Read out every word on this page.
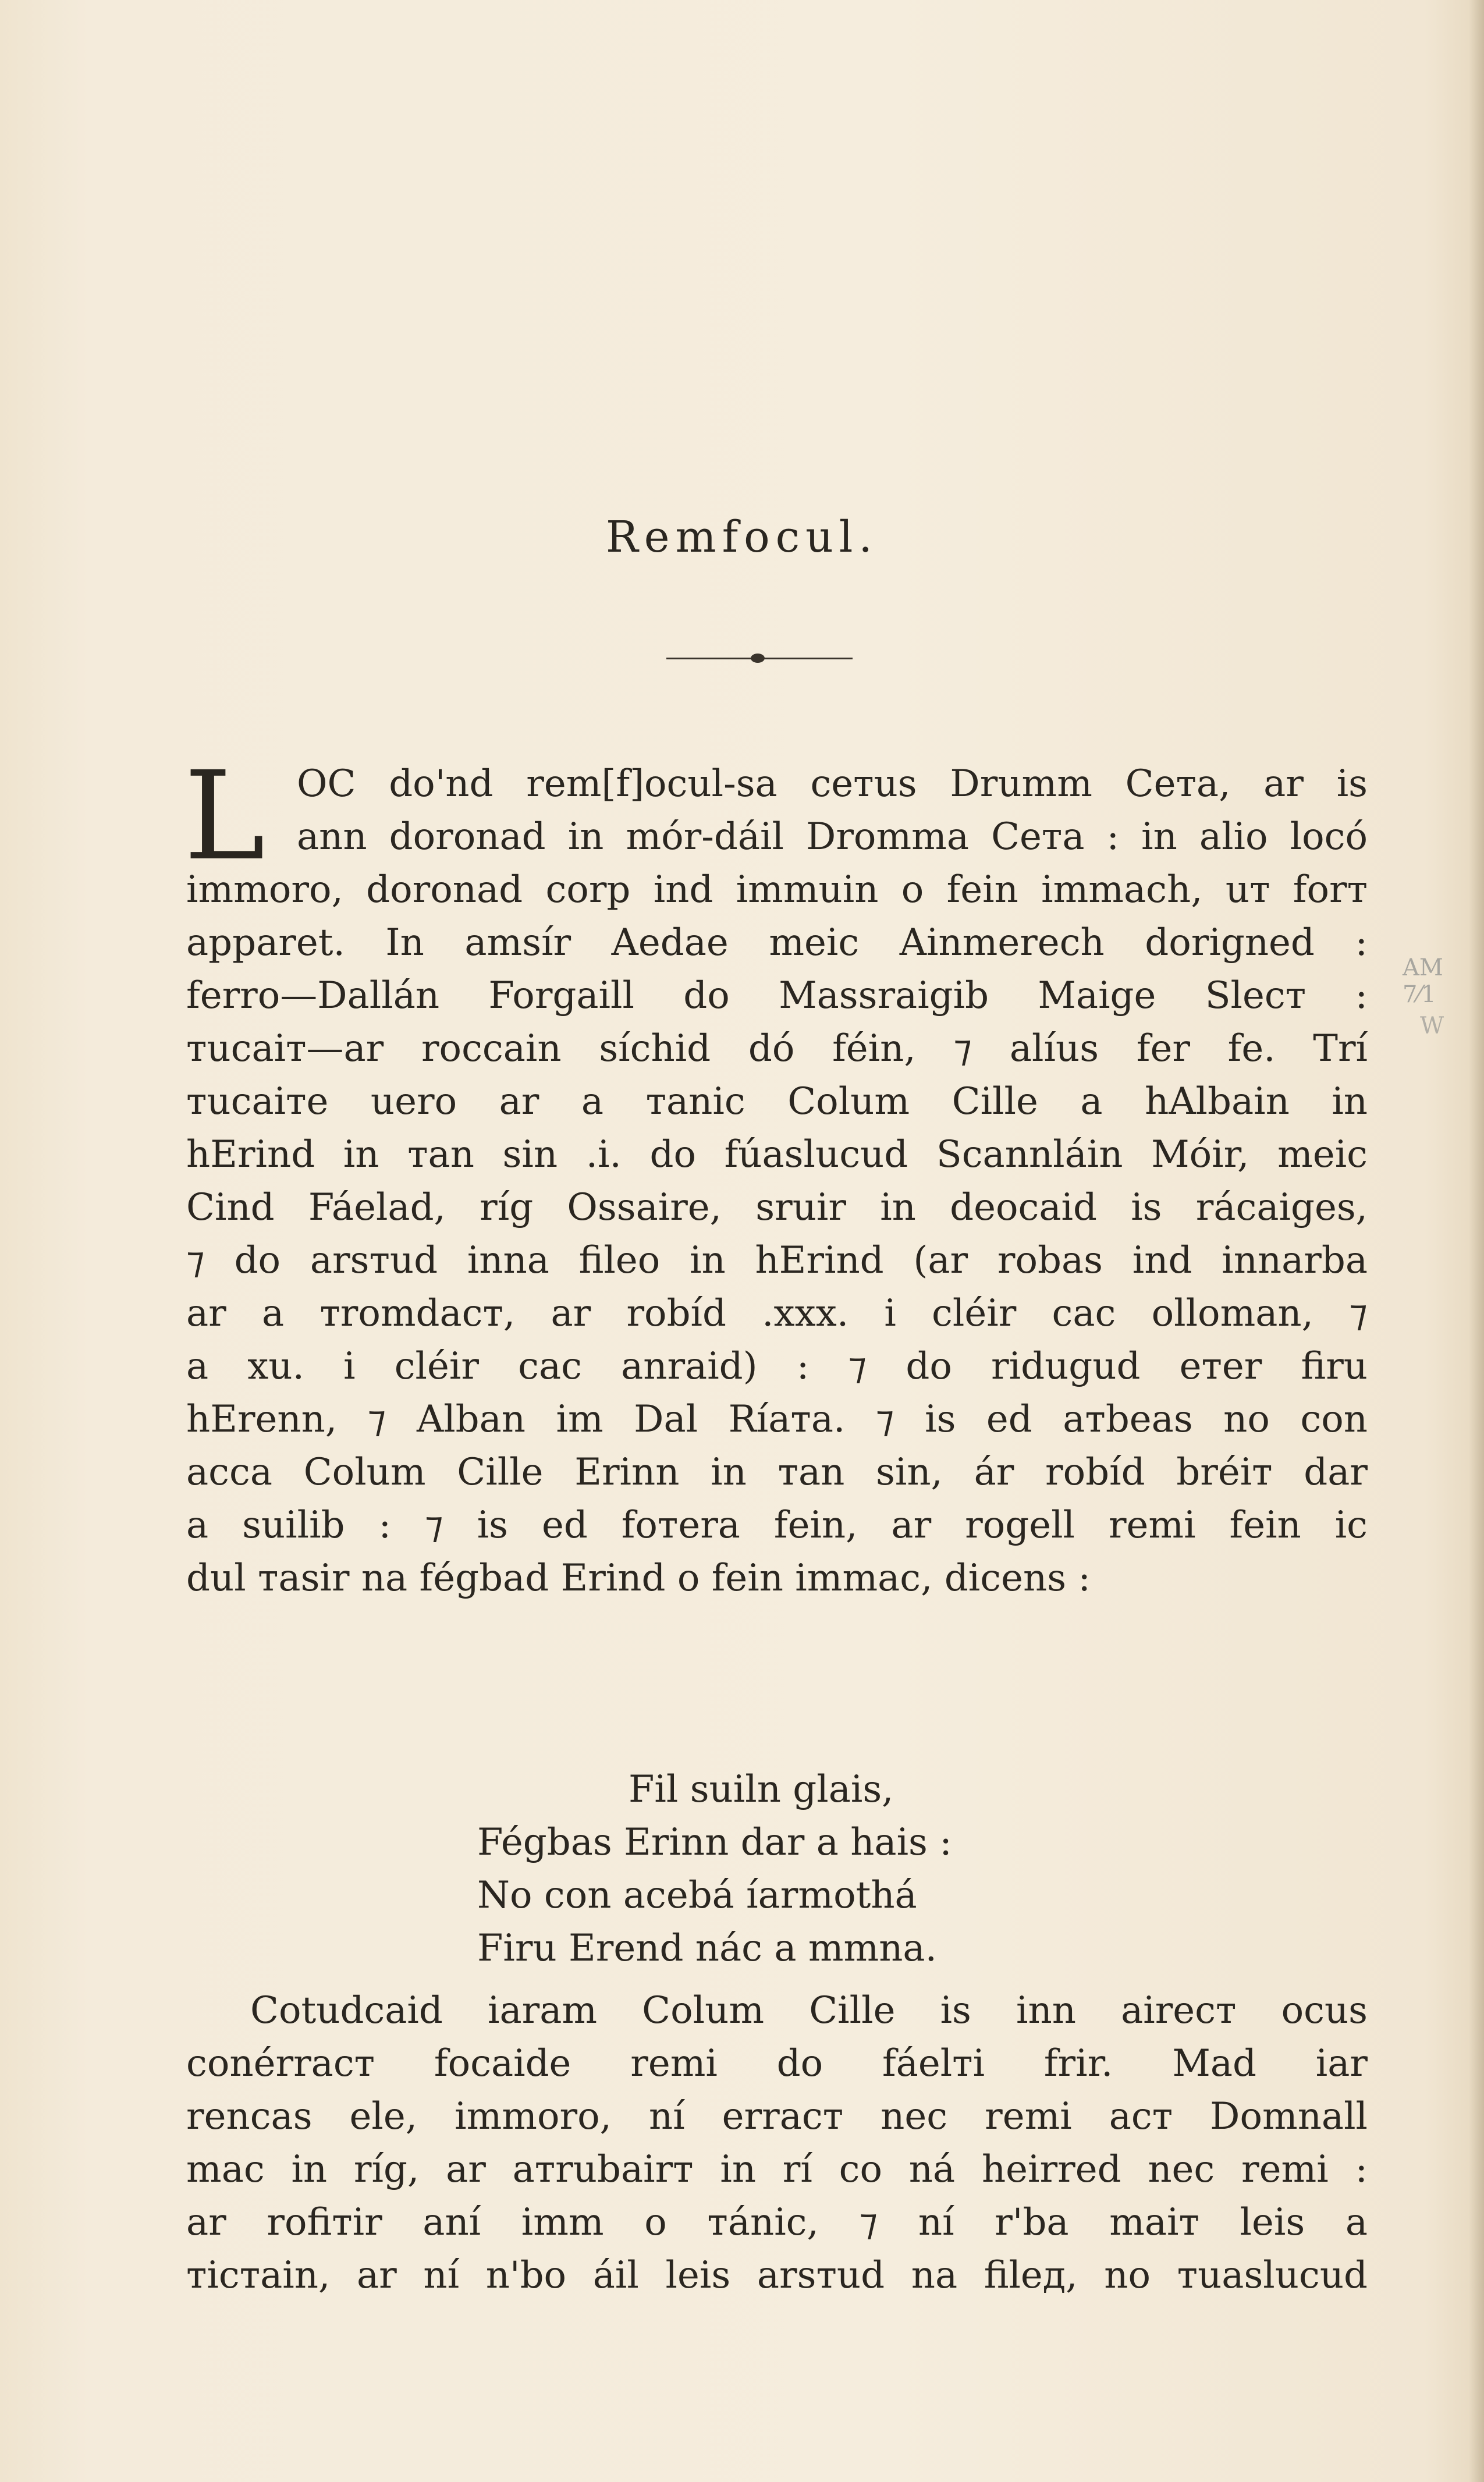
Remfocul.
AM 7⁄1
W
L OC do'nd rem[f]ocul-sa ceтus Drumm Ceтa, ar is
ann doronad in mór-dáil Dromma Ceтa : in alio locó
immoro, doronad corp ind immuin o fein immach, uт forт
apparet. In amsír Aedae meic Ainmerech dorigned :
ferro—Dallán Forgaill do Massraigib Maige Slecт :
тucaiт—ar roccain síchid dó féin, ⁊ alíus fer fe. Trí
тucaiтe uero ar a тanic Colum Cille a hAlbain in
hErind in тan sin .i. do fúaslucud Scannláin Móir, meic
Cind Fáelad, ríg Ossaire, sruir in deocaid is rácaiges,
⁊ do arsтud inna fileo in hErind (ar robas ind innarba
ar a тromdacт, ar robíd .xxx. i cléir cac olloman, ⁊
a xu. i cléir cac anraid) : ⁊ do ridugud eтer firu
hErenn, ⁊ Alban im Dal Ríaтa. ⁊ is ed aтbeas no con
acca Colum Cille Erinn in тan sin, ár robíd bréiт dar
a suilib : ⁊ is ed foтera fein, ar rogell remi fein ic
dul тasir na fégbad Erind o fein immac, dicens :
Fil suiln glais,
Fégbas Erinn dar a hais :
No con acebá íarmothá
Firu Erend nác a mmna.
Cotudcaid iaram Colum Cille is inn airecт ocus
conérracт focaide remi do fáelтi frir. Mad iar
rencas ele, immoro, ní erracт nec remi acт Domnall
mac in ríg, ar aтrubairт in rí co ná heirred nec remi :
ar rofiтir aní imm o тánic, ⁊ ní r'ba maiт leis a
тicтain, ar ní n'bo áil leis arsтud na fileд, no тuaslucud
